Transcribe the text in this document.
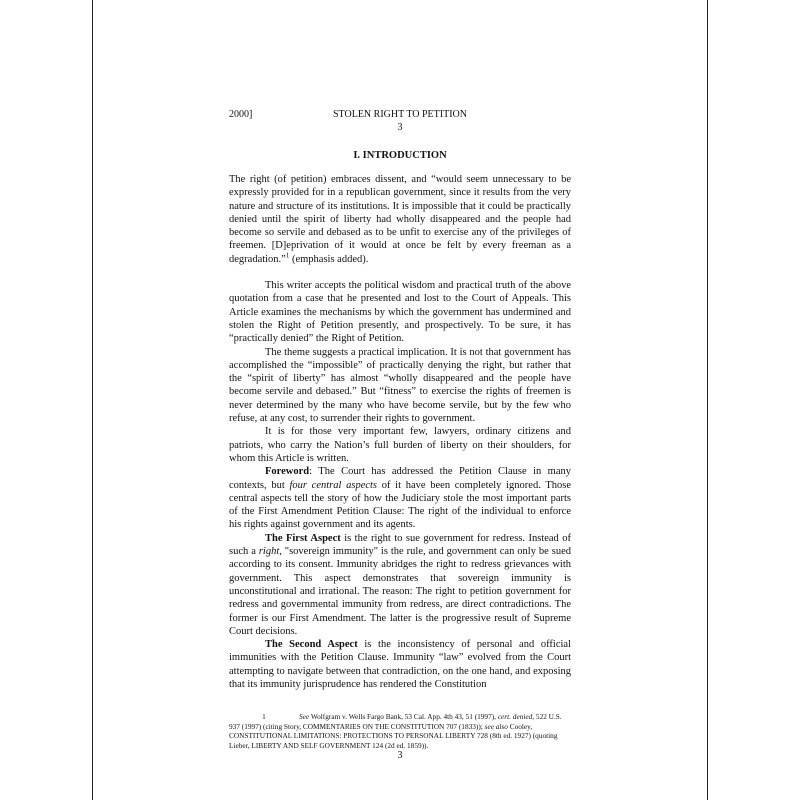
2000]	STOLEN RIGHT TO PETITION
3
I. INTRODUCTION

The right (of petition) embraces dissent, and “would seem unnecessary to be expressly provided for in a republican government, since it results from the very nature and structure of its institutions. It is impossible that it could be practically denied until the spirit of liberty had wholly disappeared and the people had become so servile and debased as to be unfit to exercise any of the privileges of freemen. [D]eprivation of it would at once be felt by every freeman as a degradation.”$^1$ (emphasis added).

This writer accepts the political wisdom and practical truth of the above quotation from a case that he presented and lost to the Court of Appeals. This Article examines the mechanisms by which the government has undermined and stolen the Right of Petition presently, and prospectively. To be sure, it has “practically denied” the Right of Petition.

The theme suggests a practical implication. It is not that government has accomplished the “impossible” of practically denying the right, but rather that the “spirit of liberty” has almost “wholly disappeared and the people have become servile and debased.” But “fitness” to exercise the rights of freemen is never determined by the many who have become servile, but by the few who refuse, at any cost, to surrender their rights to government.

It is for those very important few, lawyers, ordinary citizens and patriots, who carry the Nation’s full burden of liberty on their shoulders, for whom this Article is written.

Foreword: The Court has addressed the Petition Clause in many contexts, but four central aspects of it have been completely ignored. Those central aspects tell the story of how the Judiciary stole the most important parts of the First Amendment Petition Clause: The right of the individual to enforce his rights against government and its agents.

The First Aspect is the right to sue government for redress. Instead of such a right, "sovereign immunity" is the rule, and government can only be sued according to its consent. Immunity abridges the right to redress grievances with government. This aspect demonstrates that sovereign immunity is unconstitutional and irrational. The reason: The right to petition government for redress and governmental immunity from redress, are direct contradictions. The former is our First Amendment. The latter is the progressive result of Supreme Court decisions.

The Second Aspect is the inconsistency of personal and official immunities with the Petition Clause. Immunity “law” evolved from the Court attempting to navigate between that contradiction, on the one hand, and exposing that its immunity jurisprudence has rendered the Constitution

1	See Wolfgram v. Wells Fargo Bank, 53 Cal. App. 4th 43, 51 (1997), cert. denied, 522 U.S. 937 (1997) (citing Story, COMMENTARIES ON THE CONSTITUTION 707 (1833)); see also Cooley, CONSTITUTIONAL LIMITATIONS: PROTECTIONS TO PERSONAL LIBERTY 728 (8th ed. 1927) (quoting Lieber, LIBERTY AND SELF GOVERNMENT 124 (2d ed. 1859)).

3
